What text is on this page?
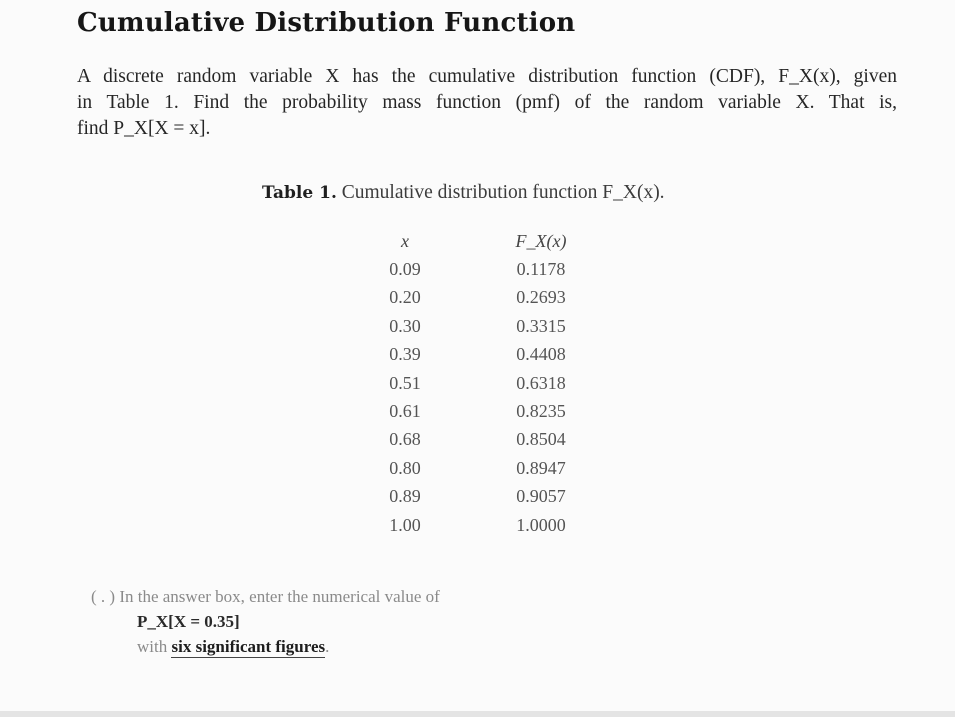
Cumulative Distribution Function
A discrete random variable X has the cumulative distribution function (CDF), F_X(x), given
in Table 1. Find the probability mass function (pmf) of the random variable X. That is,
find P_X[X = x].
Table 1. Cumulative distribution function F_X(x).
x		F_X(x)
0.09		0.1178
0.20		0.2693
0.30		0.3315
0.39		0.4408
0.51		0.6318
0.61		0.8235
0.68		0.8504
0.80		0.8947
0.89		0.9057
1.00		1.0000
( . ) In the answer box, enter the numerical value of
P_X[X = 0.35]
with six significant figures.
